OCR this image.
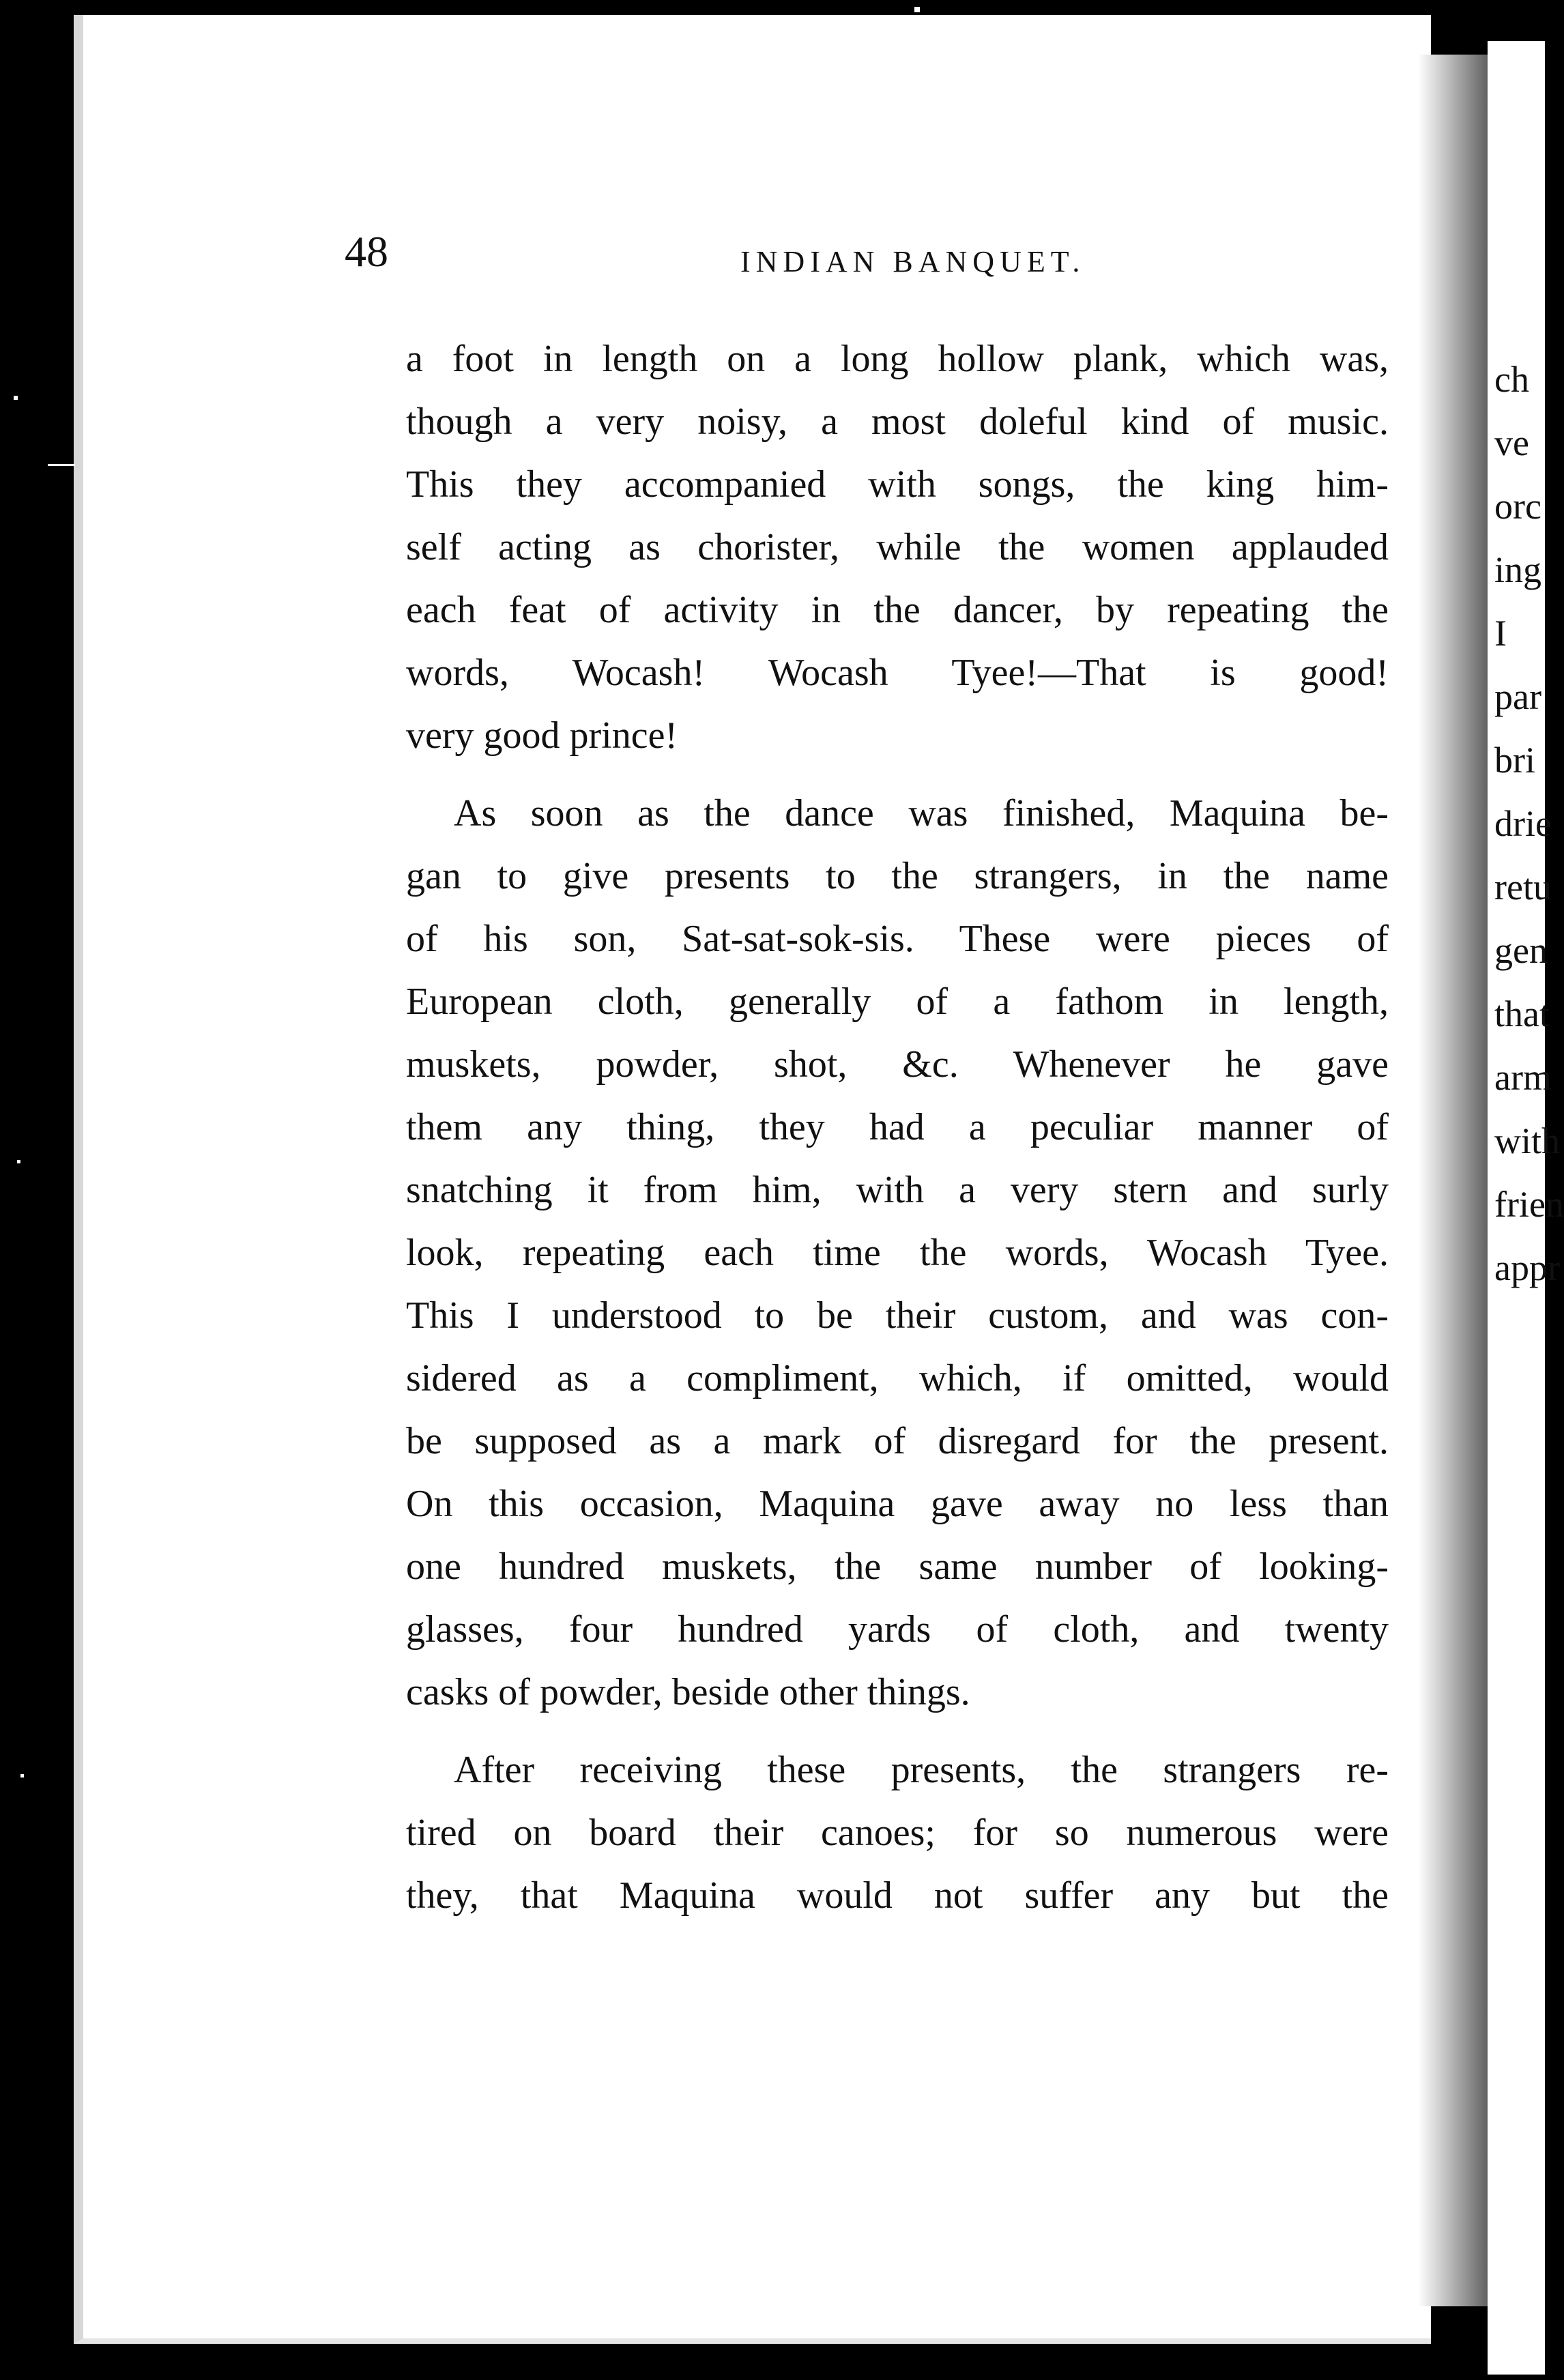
ch
ve
orc
ing
I
par
bri
drie
retu
gen
that
arm
with
frien
appr
48	INDIAN BANQUET.
a foot in length on a long hollow plank, which was,
though a very noisy, a most doleful kind of music.
This they accompanied with songs, the king him-
self acting as chorister, while the women applauded
each feat of activity in the dancer, by repeating the
words, Wocash! Wocash Tyee!—That is good!
very good prince!
As soon as the dance was finished, Maquina be-
gan to give presents to the strangers, in the name
of his son, Sat-sat-sok-sis. These were pieces of
European cloth, generally of a fathom in length,
muskets, powder, shot, &c. Whenever he gave
them any thing, they had a peculiar manner of
snatching it from him, with a very stern and surly
look, repeating each time the words, Wocash Tyee.
This I understood to be their custom, and was con-
sidered as a compliment, which, if omitted, would
be supposed as a mark of disregard for the present.
On this occasion, Maquina gave away no less than
one hundred muskets, the same number of looking-
glasses, four hundred yards of cloth, and twenty
casks of powder, beside other things.
After receiving these presents, the strangers re-
tired on board their canoes; for so numerous were
they, that Maquina would not suffer any but the
